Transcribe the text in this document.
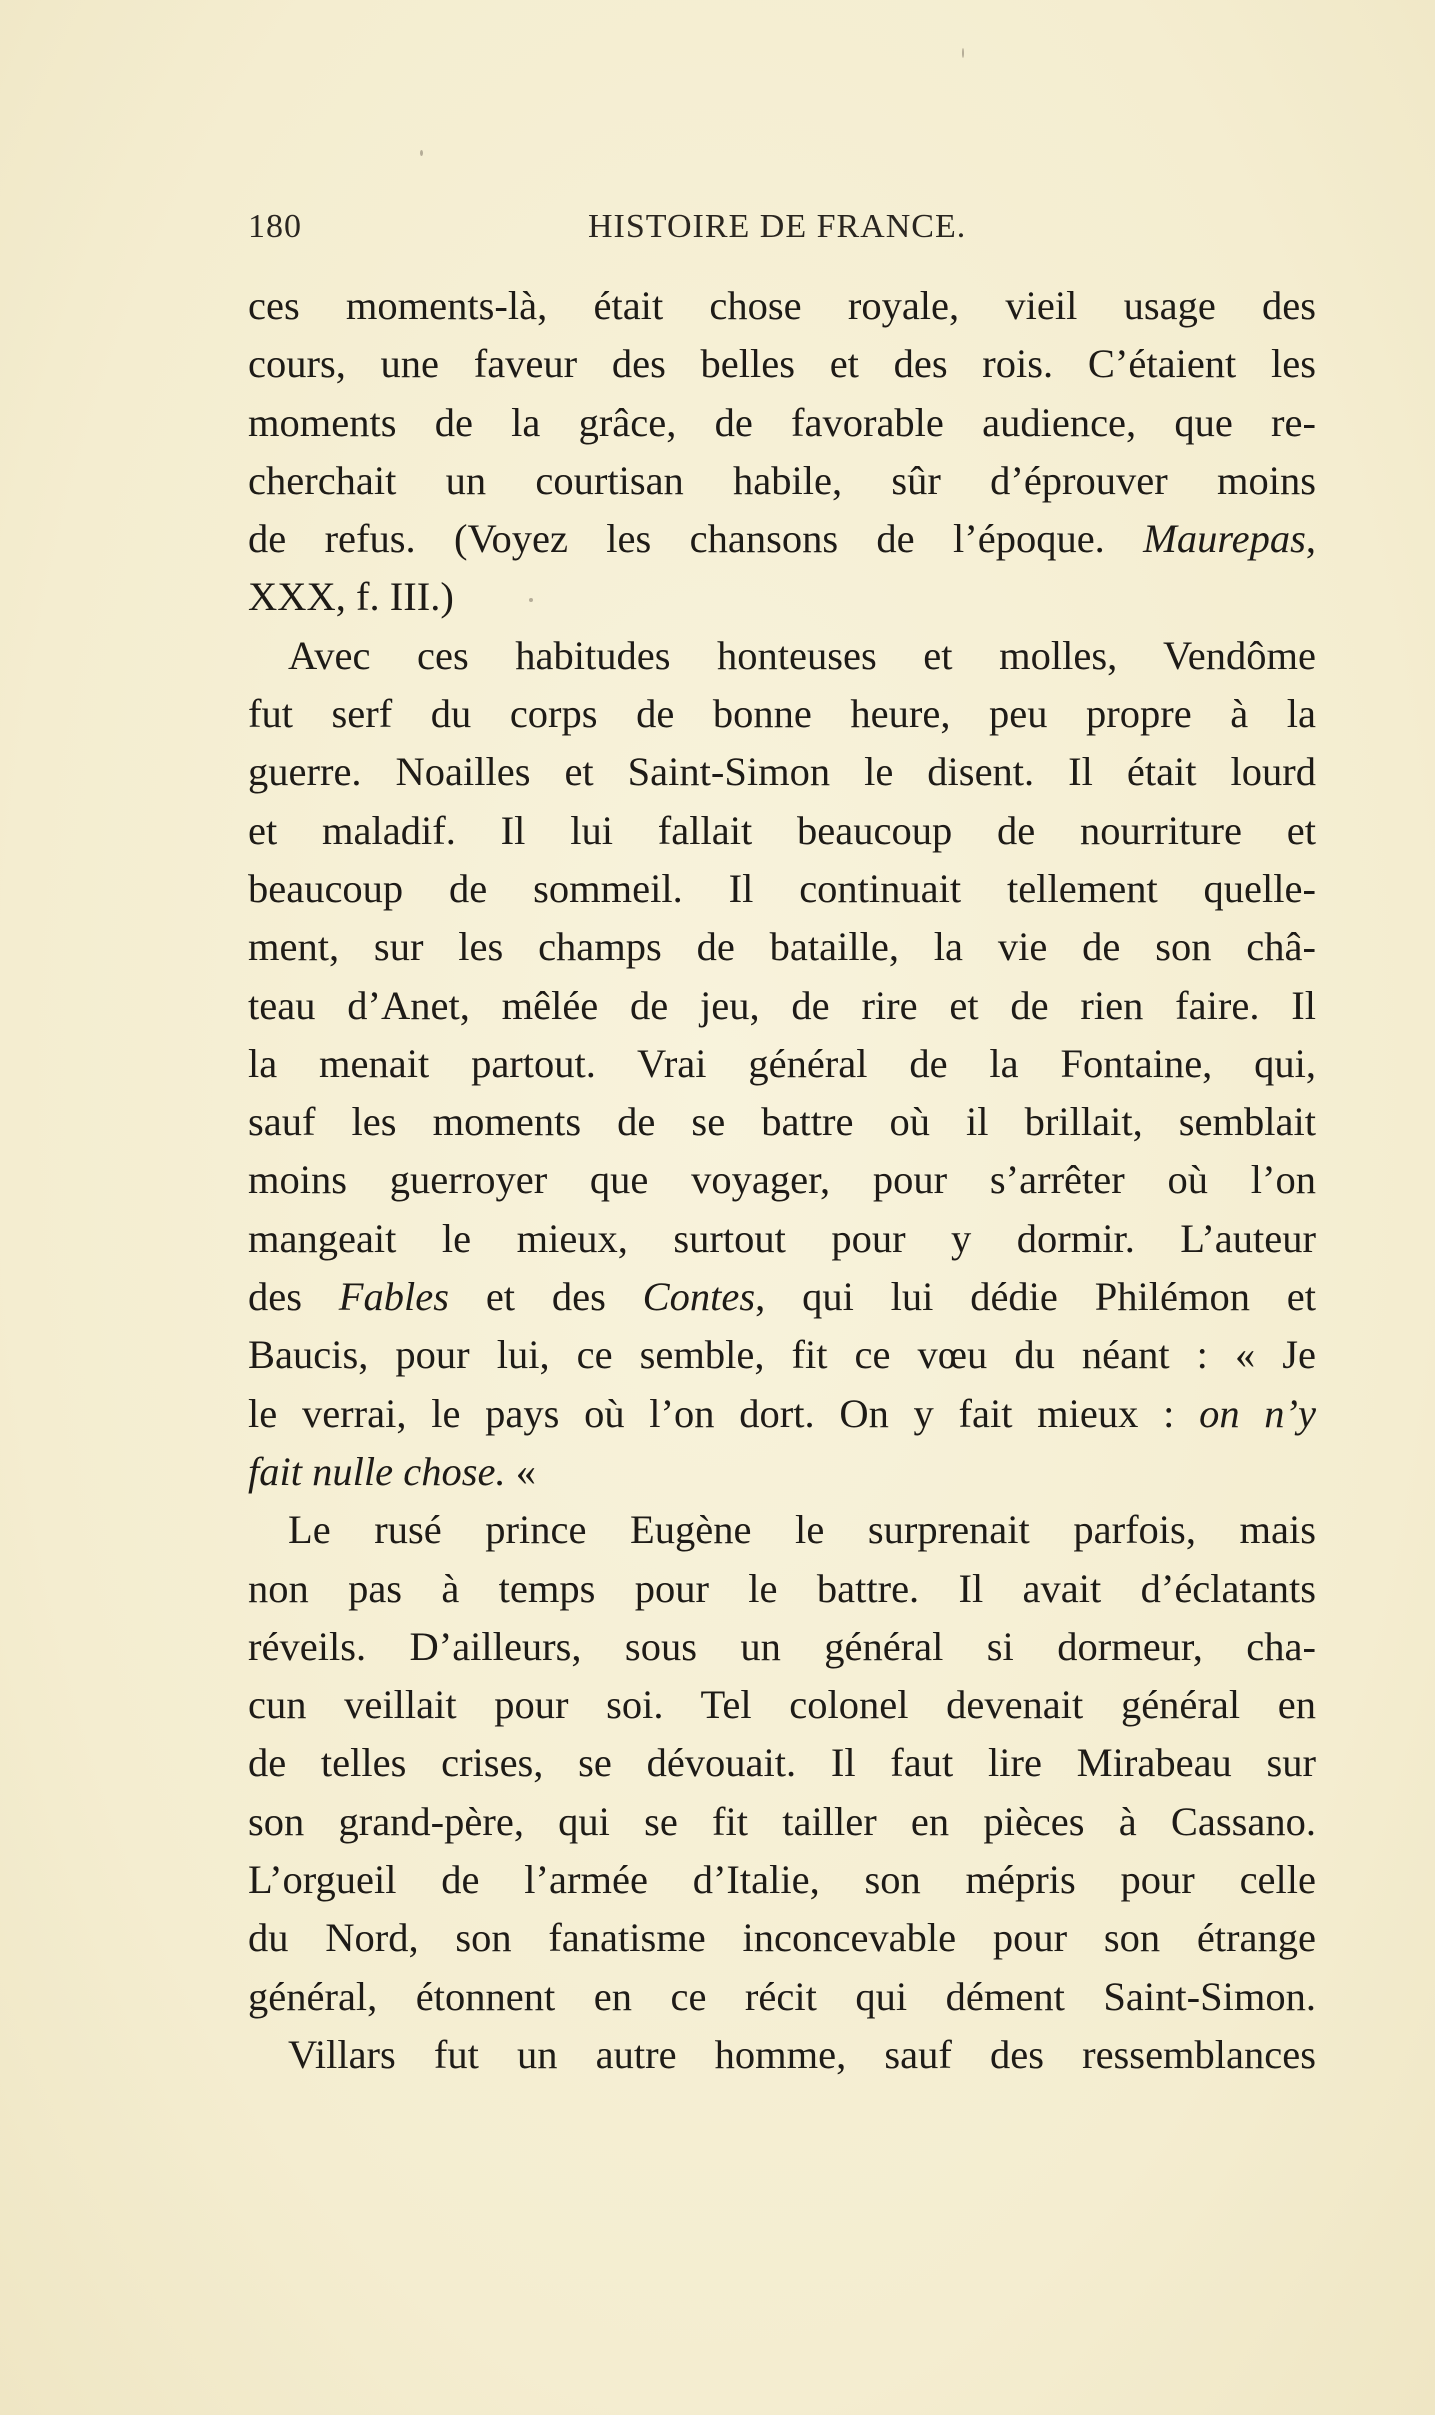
180	HISTOIRE DE FRANCE.
ces moments-là, était chose royale, vieil usage des
cours, une faveur des belles et des rois. C’étaient les
moments de la grâce, de favorable audience, que re-
cherchait un courtisan habile, sûr d’éprouver moins
de refus. (Voyez les chansons de l’époque. Maurepas,
XXX, f. III.)
Avec ces habitudes honteuses et molles, Vendôme
fut serf du corps de bonne heure, peu propre à la
guerre. Noailles et Saint-Simon le disent. Il était lourd
et maladif. Il lui fallait beaucoup de nourriture et
beaucoup de sommeil. Il continuait tellement quelle-
ment, sur les champs de bataille, la vie de son châ-
teau d’Anet, mêlée de jeu, de rire et de rien faire. Il
la menait partout. Vrai général de la Fontaine, qui,
sauf les moments de se battre où il brillait, semblait
moins guerroyer que voyager, pour s’arrêter où l’on
mangeait le mieux, surtout pour y dormir. L’auteur
des Fables et des Contes, qui lui dédie Philémon et
Baucis, pour lui, ce semble, fit ce vœu du néant : « Je
le verrai, le pays où l’on dort. On y fait mieux : on n’y
fait nulle chose. «
Le rusé prince Eugène le surprenait parfois, mais
non pas à temps pour le battre. Il avait d’éclatants
réveils. D’ailleurs, sous un général si dormeur, cha-
cun veillait pour soi. Tel colonel devenait général en
de telles crises, se dévouait. Il faut lire Mirabeau sur
son grand-père, qui se fit tailler en pièces à Cassano.
L’orgueil de l’armée d’Italie, son mépris pour celle
du Nord, son fanatisme inconcevable pour son étrange
général, étonnent en ce récit qui dément Saint-Simon.
Villars fut un autre homme, sauf des ressemblances
